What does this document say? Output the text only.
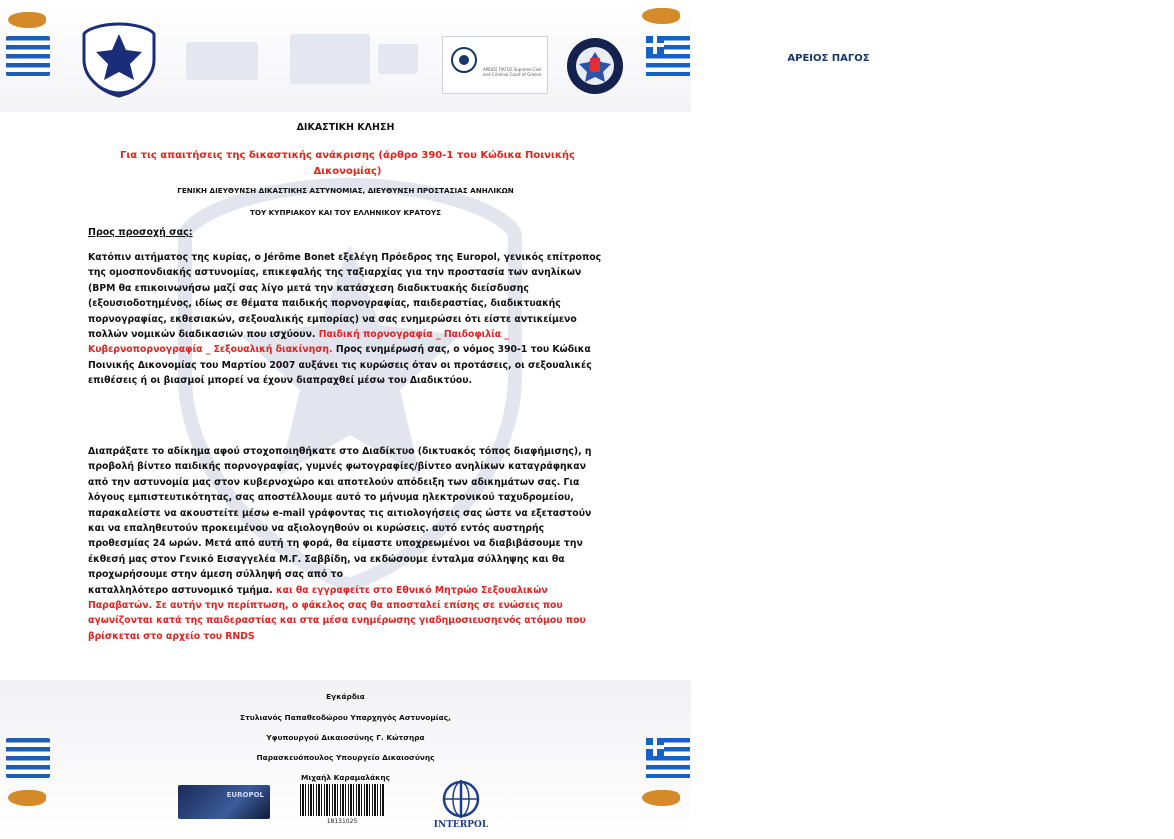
ΑΡΕΙΟΣ ΠΑΓΟΣ
ΑΡΕΙΟΣ ΠΑΓΟΣ Supreme Civil and Criminal Court of Greece
ΔΙΚΑΣΤΙΚΗ ΚΛΗΣΗ
Για τις απαιτήσεις της δικαστικής ανάκρισης (άρθρο 390-1 του Κώδικα Ποινικής Δικονομίας)
ΓΕΝΙΚΗ ΔΙΕΥΘΥΝΣΗ ΔΙΚΑΣΤΙΚΗΣ ΑΣΤΥΝΟΜΙΑΣ, ΔΙΕΥΘΥΝΣΗ ΠΡΟΣΤΑΣΙΑΣ ΑΝΗΛΙΚΩΝ
ΤΟΥ ΚΥΠΡΙΑΚΟΥ ΚΑΙ ΤΟΥ ΕΛΛΗΝΙΚΟΥ ΚΡΑΤΟΥΣ
Προς προσοχή σας:
Κατόπιν αιτήματος της κυρίας, ο Jérôme Bonet εξελέγη Πρόεδρος της Europol, γενικός επίτροπος της ομοσπονδιακής αστυνομίας, επικεφαλής της ταξιαρχίας για την προστασία των ανηλίκων (BPM θα επικοινωνήσω μαζί σας λίγο μετά την κατάσχεση διαδικτυακής διείσδυσης (εξουσιοδοτημένος, ιδίως σε θέματα παιδικής πορνογραφίας, παιδεραστίας, διαδικτυακής πορνογραφίας, εκθεσιακών, σεξουαλικής εμπορίας) να σας ενημερώσει ότι είστε αντικείμενο πολλών νομικών διαδικασιών που ισχύουν. Παιδική πορνογραφία _ Παιδοφιλία _ Κυβερνοπορνογραφία _ Σεξουαλική διακίνηση. Προς ενημέρωσή σας, ο νόμος 390-1 του Κώδικα Ποινικής Δικονομίας του Μαρτίου 2007 αυξάνει τις κυρώσεις όταν οι προτάσεις, οι σεξουαλικές επιθέσεις ή οι βιασμοί μπορεί να έχουν διαπραχθεί μέσω του Διαδικτύου.
Διαπράξατε το αδίκημα αφού στοχοποιηθήκατε στο Διαδίκτυο (δικτυακός τόπος διαφήμισης), η προβολή βίντεο παιδικής πορνογραφίας, γυμνές φωτογραφίες/βίντεο ανηλίκων καταγράφηκαν από την αστυνομία μας στον κυβερνοχώρο και αποτελούν απόδειξη των αδικημάτων σας. Για λόγους εμπιστευτικότητας, σας αποστέλλουμε αυτό το μήνυμα ηλεκτρονικού ταχυδρομείου, παρακαλείστε να ακουστείτε μέσω e-mail γράφοντας τις αιτιολογήσεις σας ώστε να εξεταστούν και να επαληθευτούν προκειμένου να αξιολογηθούν οι κυρώσεις. αυτό εντός αυστηρής προθεσμίας 24 ωρών. Μετά από αυτή τη φορά, θα είμαστε υποχρεωμένοι να διαβιβάσουμε την έκθεσή μας στον Γενικό Εισαγγελέα Μ.Γ. Σαββίδη, να εκδώσουμε ένταλμα σύλληψης και θα προχωρήσουμε στην άμεση σύλληψή σας από το
καταλληλότερο αστυνομικό τμήμα. και θα εγγραφείτε στο Εθνικό Μητρώο Σεξουαλικών Παραβατών. Σε αυτήν την περίπτωση, ο φάκελος σας θα αποσταλεί επίσης σε ενώσεις που αγωνίζονται κατά της παιδεραστίας και στα μέσα ενημέρωσης γιαδημοσιευσηενός ατόμου που βρίσκεται στο αρχείο του RNDS
Εγκάρδια
Στυλιανός Παπαθεοδώρου Υπαρχηγός Αστυνομίας,
Υφυπουργού Δικαιοσύνης Γ. Κώτσηρα
Παρασκευόπουλος Υπουργείο Δικαιοσύνης
Μιχαήλ Καραμαλάκης
EUROPOL
18131025	INTERPOL
